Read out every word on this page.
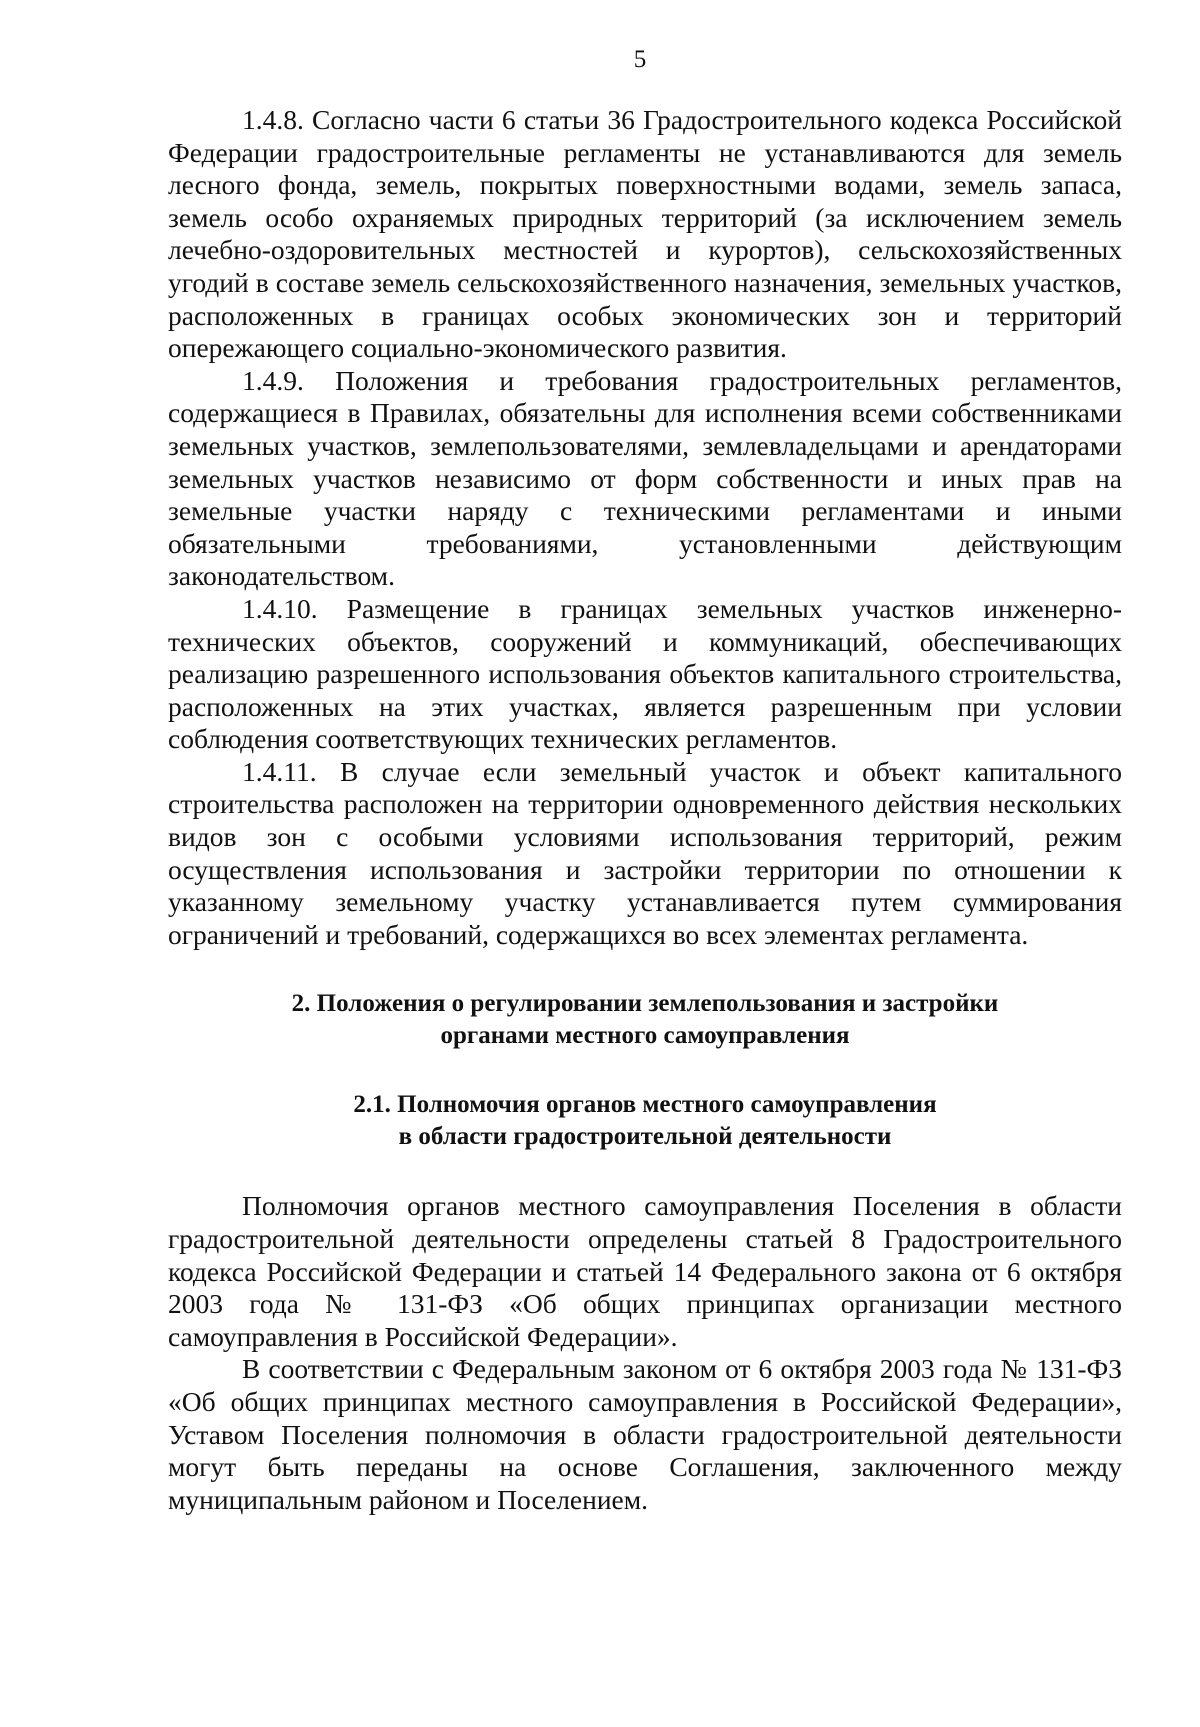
5

1.4.8. Согласно части 6 статьи 36 Градостроительного кодекса Российской Федерации градостроительные регламенты не устанавливаются для земель лесного фонда, земель, покрытых поверхностными водами, земель запаса, земель особо охраняемых природных территорий (за исключением земель лечебно-оздоровительных местностей и курортов), сельскохозяйственных угодий в составе земель сельскохозяйственного назначения, земельных участков, расположенных в границах особых экономических зон и территорий опережающего социально-экономического развития.

1.4.9. Положения и требования градостроительных регламентов, содержащиеся в Правилах, обязательны для исполнения всеми собственниками земельных участков, землепользователями, землевладельцами и арендаторами земельных участков независимо от форм собственности и иных прав на земельные участки наряду с техническими регламентами и иными обязательными требованиями, установленными действующим законодательством.

1.4.10. Размещение в границах земельных участков инженерно-технических объектов, сооружений и коммуникаций, обеспечивающих реализацию разрешенного использования объектов капитального строительства, расположенных на этих участках, является разрешенным при условии соблюдения соответствующих технических регламентов.

1.4.11. В случае если земельный участок и объект капитального строительства расположен на территории одновременного действия нескольких видов зон с особыми условиями использования территорий, режим осуществления использования и застройки территории по отношении к указанному земельному участку устанавливается путем суммирования ограничений и требований, содержащихся во всех элементах регламента.

2. Положения о регулировании землепользования и застройки
органами местного самоуправления
2.1. Полномочия органов местного самоуправления
в области градостроительной деятельности

Полномочия органов местного самоуправления Поселения в области градостроительной деятельности определены статьей 8 Градостроительного кодекса Российской Федерации и статьей 14 Федерального закона от 6 октября 2003 года № 131-ФЗ «Об общих принципах организации местного самоуправления в Российской Федерации».

В соответствии с Федеральным законом от 6 октября 2003 года № 131-ФЗ «Об общих принципах местного самоуправления в Российской Федерации», Уставом Поселения полномочия в области градостроительной деятельности могут быть переданы на основе Соглашения, заключенного между муниципальным районом и Поселением.
